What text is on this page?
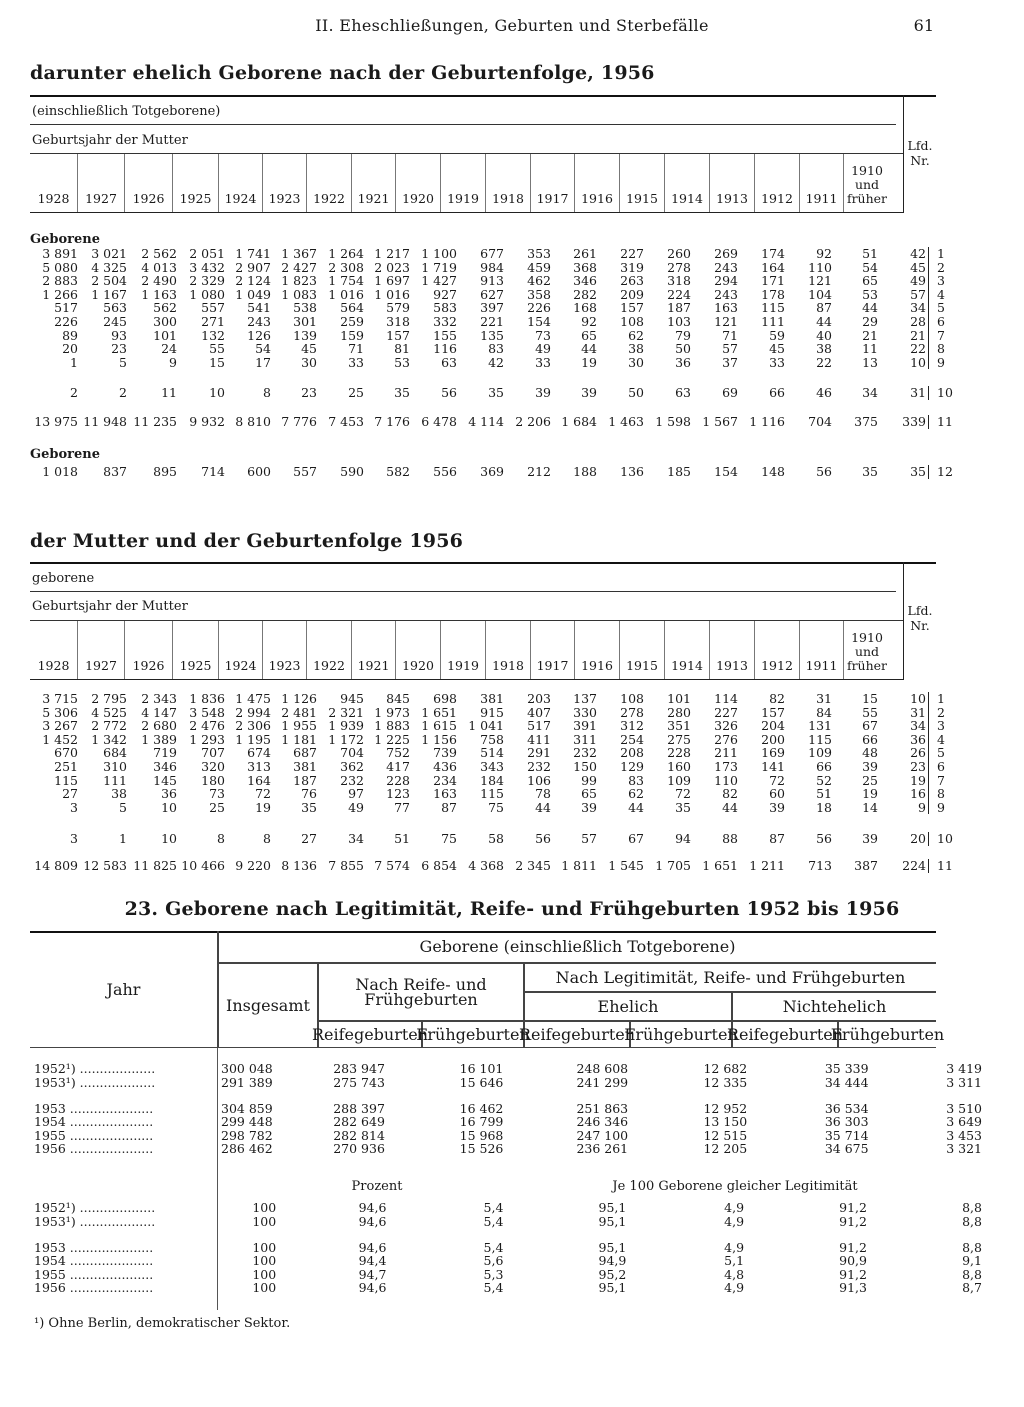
II. Eheschließungen, Geburten und Sterbefälle	61
darunter ehelich Geborene nach der Geburtenfolge, 1956
(einschließlich Totgeborene)
Geburtsjahr der Mutter	Lfd. Nr.
1928	1927	1926	1925	1924 1923	1922	1921	1920	1919	1918	1917	1916	1915	1914	1913	1912	1911
1910 und früher
Geborene
3 891	3 021	2 562	2 051	1 741	1 367	1 264	1 217	1 100	677	353	261	227	260	269	174	92	51	42	1
5 080	4 325	4 013	3 432	2 907	2 427	2 308	2 023	1 719	984	459	368	319	278	243	164	110	54	45	2
2 883	2 504	2 490	2 329	2 124	1 823	1 754	1 697	1 427	913	462	346	263	318	294	171	121	65	49	3
1 266	1 167	1 163	1 080	1 049	1 083	1 016	1 016	927	627	358	282	209	224	243	178	104	53	57	4
517	563	562	557	541	538	564	579	583	397	226	168	157	187	163	115	87	44	34	5
226	245	300	271	243	301	259	318	332	221	154	92	108	103	121	111	44	29	28	6
89	93	101	132	126	139	159	157	155	135	73	65	62	79	71	59	40	21	21	7
20	23	24	55	54	45	71	81	116	83	49	44	38	50	57	45	38	11	22	8
1	5	9	15	17	30	33	53	63	42	33	19	30	36	37	33	22	13	10	9
2	2	11	10	8	23	25	35	56	35	39	39	50	63	69	66	46	34	31	10
13 975	11 948	11 235	9 932	8 810	7 776	7 453	7 176	6 478	4 114	2 206	1 684	1 463	1 598	1 567	1 116	704	375	339	11
Geborene
1 018	837	895	714	600	557	590	582	556	369	212	188	136	185	154	148	56	35	35	12
der Mutter und der Geburtenfolge 1956
geborene
Geburtsjahr der Mutter	Lfd. Nr.
1928	1927	1926	1925	1924 1923	1922	1921	1920	1919	1918	1917	1916	1915	1914	1913	1912	1911
1910 und früher
3 715	2 795	2 343	1 836	1 475	1 126	945	845	698	381	203	137	108	101	114	82	31	15	10	1
5 306	4 525	4 147	3 548	2 994	2 481	2 321	1 973	1 651	915	407	330	278	280	227	157	84	55	31	2
3 267	2 772	2 680	2 476	2 306	1 955	1 939	1 883	1 615	1 041	517	391	312	351	326	204	131	67	34	3
1 452	1 342	1 389	1 293	1 195	1 181	1 172	1 225	1 156	758	411	311	254	275	276	200	115	66	36	4
670	684	719	707	674	687	704	752	739	514	291	232	208	228	211	169	109	48	26	5
251	310	346	320	313	381	362	417	436	343	232	150	129	160	173	141	66	39	23	6
115	111	145	180	164	187	232	228	234	184	106	99	83	109	110	72	52	25	19	7
27	38	36	73	72	76	97	123	163	115	78	65	62	72	82	60	51	19	16	8
3	5	10	25	19	35	49	77	87	75	44	39	44	35	44	39	18	14	9	9
3	1	10	8	8	27	34	51	75	58	56	57	67	94	88	87	56	39	20	10
14 809	12 583	11 825	10 466	9 220	8 136	7 855	7 574	6 854	4 368	2 345	1 811	1 545	1 705	1 651	1 211	713	387	224	11
23. Geborene nach Legitimität, Reife- und Frühgeburten 1952 bis 1956
Jahr
Geborene (einschließlich Totgeborene)
Insgesamt
Nach Reife- und Frühgeburten
Nach Legitimität, Reife- und Frühgeburten
Ehelich	Nichtehelich
Reifegeburten
Frühgeburten
Reifegeburten
Frühgeburten
Reifegeburten
Frühgeburten
1952¹) ...................	300 048	283 947	16 101	248 608	12 682	35 339	3 419
1953¹) ...................	291 389	275 743	15 646	241 299	12 335	34 444	3 311
1953 .....................	304 859	288 397	16 462	251 863	12 952	36 534	3 510
1954 .....................	299 448	282 649	16 799	246 346	13 150	36 303	3 649
1955 .....................	298 782	282 814	15 968	247 100	12 515	35 714	3 453
1956 .....................	286 462	270 936	15 526	236 261	12 205	34 675	3 321
Prozent	Je 100 Geborene gleicher Legitimität
1952¹) ...................	100	94,6	5,4	95,1	4,9	91,2	8,8
1953¹) ...................	100	94,6	5,4	95,1	4,9	91,2	8,8
1953 .....................	100	94,6	5,4	95,1	4,9	91,2	8,8
1954 .....................	100	94,4	5,6	94,9	5,1	90,9	9,1
1955 .....................	100	94,7	5,3	95,2	4,8	91,2	8,8
1956 .....................	100	94,6	5,4	95,1	4,9	91,3	8,7
¹) Ohne Berlin, demokratischer Sektor.
